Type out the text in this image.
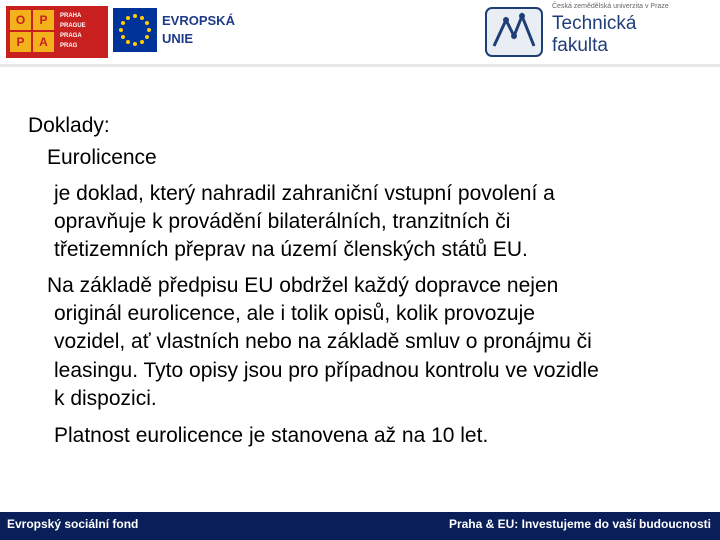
O	P
P	A
PRAHA
PRAGUE
PRAGA
PRAG
EVROPSKÁ
UNIE
Česká zemědělská univerzita v Praze
Technická
fakulta
Doklady:
Eurolicence
je doklad, který nahradil zahraniční vstupní povolení a
opravňuje k provádění bilaterálních, tranzitních či
třetizemních přeprav na území členských států EU.
Na základě předpisu EU obdržel každý dopravce nejen
originál eurolicence, ale i tolik opisů, kolik provozuje
vozidel, ať vlastních nebo na základě smluv o pronájmu či
leasingu. Tyto opisy jsou pro případnou kontrolu ve vozidle
k dispozici.
Platnost eurolicence je stanovena až na 10 let.
Evropský sociální fond	Praha & EU: Investujeme do vaší budoucnosti
